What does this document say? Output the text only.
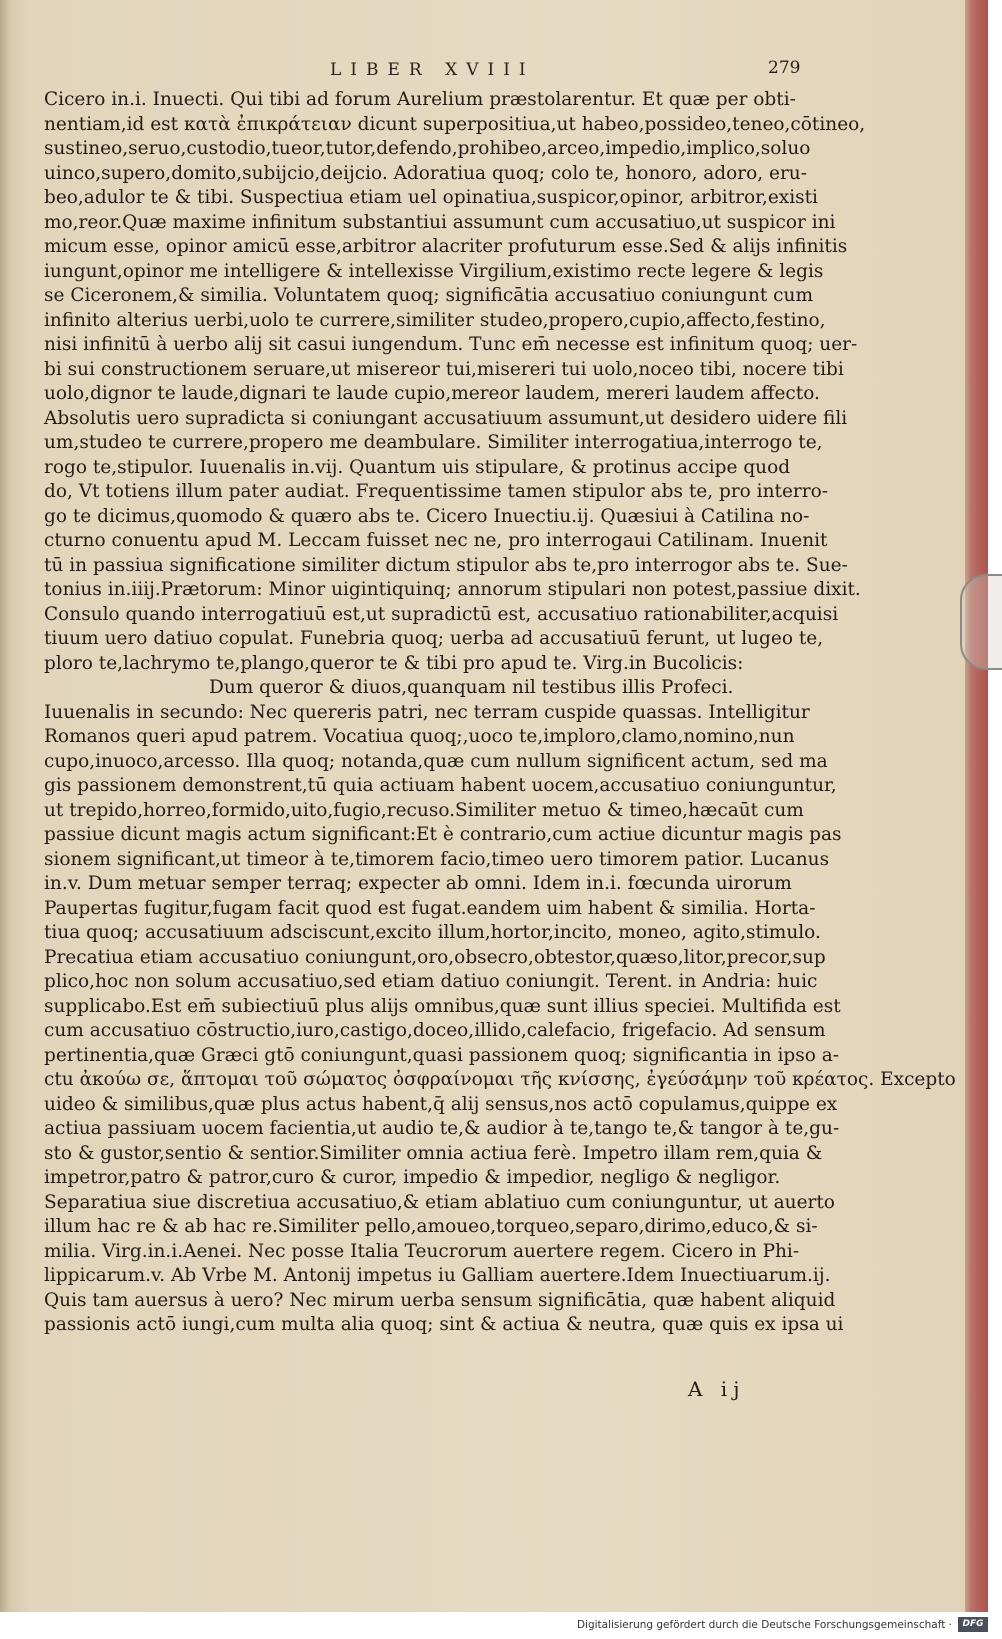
LIBER XVIII	279
Cicero in.i. Inuecti. Qui tibi ad forum Aurelium præstolarentur. Et quæ per obti-
nentiam,id est κατὰ ἐπικράτειαν dicunt superpositiua,ut habeo,possideo,teneo,cōtineo,
sustineo,seruo,custodio,tueor,tutor,defendo,prohibeo,arceo,impedio,implico,soluo
uinco,supero,domito,subijcio,deijcio. Adoratiua quoq; colo te, honoro, adoro, eru-
beo,adulor te & tibi. Suspectiua etiam uel opinatiua,suspicor,opinor, arbitror,existi
mo,reor.Quæ maxime infinitum substantiui assumunt cum accusatiuo,ut suspicor ini
micum esse, opinor amicū esse,arbitror alacriter profuturum esse.Sed & alijs infinitis
iungunt,opinor me intelligere & intellexisse Virgilium,existimo recte legere & legis
se Ciceronem,& similia. Voluntatem quoq; significātia accusatiuo coniungunt cum
infinito alterius uerbi,uolo te currere,similiter studeo,propero,cupio,affecto,festino,
nisi infinitū à uerbo alij sit casui iungendum. Tunc em̄ necesse est infinitum quoq; uer-
bi sui constructionem seruare,ut misereor tui,misereri tui uolo,noceo tibi, nocere tibi
uolo,dignor te laude,dignari te laude cupio,mereor laudem, mereri laudem affecto.
Absolutis uero supradicta si coniungant accusatiuum assumunt,ut desidero uidere fili
um,studeo te currere,propero me deambulare. Similiter interrogatiua,interrogo te,
rogo te,stipulor. Iuuenalis in.vij. Quantum uis stipulare, & protinus accipe quod
do, Vt totiens illum pater audiat. Frequentissime tamen stipulor abs te, pro interro-
go te dicimus,quomodo & quæro abs te. Cicero Inuectiu.ij. Quæsiui à Catilina no-
cturno conuentu apud M. Leccam fuisset nec ne, pro interrogaui Catilinam. Inuenit
tū in passiua significatione similiter dictum stipulor abs te,pro interrogor abs te. Sue-
tonius in.iiij.Prætorum: Minor uigintiquinq; annorum stipulari non potest,passiue dixit.
Consulo quando interrogatiuū est,ut supradictū est, accusatiuo rationabiliter,acquisi
tiuum uero datiuo copulat. Funebria quoq; uerba ad accusatiuū ferunt, ut lugeo te,
ploro te,lachrymo te,plango,queror te & tibi pro apud te. Virg.in Bucolicis:
Dum queror & diuos,quanquam nil testibus illis Profeci.
Iuuenalis in secundo: Nec quereris patri, nec terram cuspide quassas. Intelligitur
Romanos queri apud patrem. Vocatiua quoq;,uoco te,imploro,clamo,nomino,nun
cupo,inuoco,arcesso. Illa quoq; notanda,quæ cum nullum significent actum, sed ma
gis passionem demonstrent,tū quia actiuam habent uocem,accusatiuo coniunguntur,
ut trepido,horreo,formido,uito,fugio,recuso.Similiter metuo & timeo,hæcaūt cum
passiue dicunt magis actum significant:Et è contrario,cum actiue dicuntur magis pas
sionem significant,ut timeor à te,timorem facio,timeo uero timorem patior. Lucanus
in.v. Dum metuar semper terraq; expecter ab omni. Idem in.i. fœcunda uirorum
Paupertas fugitur,fugam facit quod est fugat.eandem uim habent & similia. Horta-
tiua quoq; accusatiuum adsciscunt,excito illum,hortor,incito, moneo, agito,stimulo.
Precatiua etiam accusatiuo coniungunt,oro,obsecro,obtestor,quæso,litor,precor,sup
plico,hoc non solum accusatiuo,sed etiam datiuo coniungit. Terent. in Andria: huic
supplicabo.Est em̄ subiectiuū plus alijs omnibus,quæ sunt illius speciei. Multifida est
cum accusatiuo cōstructio,iuro,castigo,doceo,illido,calefacio, frigefacio. Ad sensum
pertinentia,quæ Græci gtō coniungunt,quasi passionem quoq; significantia in ipso a-
ctu ἀκούω σε, ἅπτομαι τοῦ σώματος ὀσφραίνομαι τῆς κνίσσης, ἐγεύσάμην τοῦ κρέατος. Excepto
uideo & similibus,quæ plus actus habent,q̄ alij sensus,nos actō copulamus,quippe ex
actiua passiuam uocem facientia,ut audio te,& audior à te,tango te,& tangor à te,gu-
sto & gustor,sentio & sentior.Similiter omnia actiua ferè. Impetro illam rem,quia &
impetror,patro & patror,curo & curor, impedio & impedior, negligo & negligor.
Separatiua siue discretiua accusatiuo,& etiam ablatiuo cum coniunguntur, ut auerto
illum hac re & ab hac re.Similiter pello,amoueo,torqueo,separo,dirimo,educo,& si-
milia. Virg.in.i.Aenei. Nec posse Italia Teucrorum auertere regem. Cicero in Phi-
lippicarum.v. Ab Vrbe M. Antonij impetus iu Galliam auertere.Idem Inuectiuarum.ij.
Quis tam auersus à uero? Nec mirum uerba sensum significātia, quæ habent aliquid
passionis actō iungi,cum multa alia quoq; sint & actiua & neutra, quæ quis ex ipsa ui
A ij
Digitalisierung gefördert durch die Deutsche Forschungsgemeinschaft ·	DFG
